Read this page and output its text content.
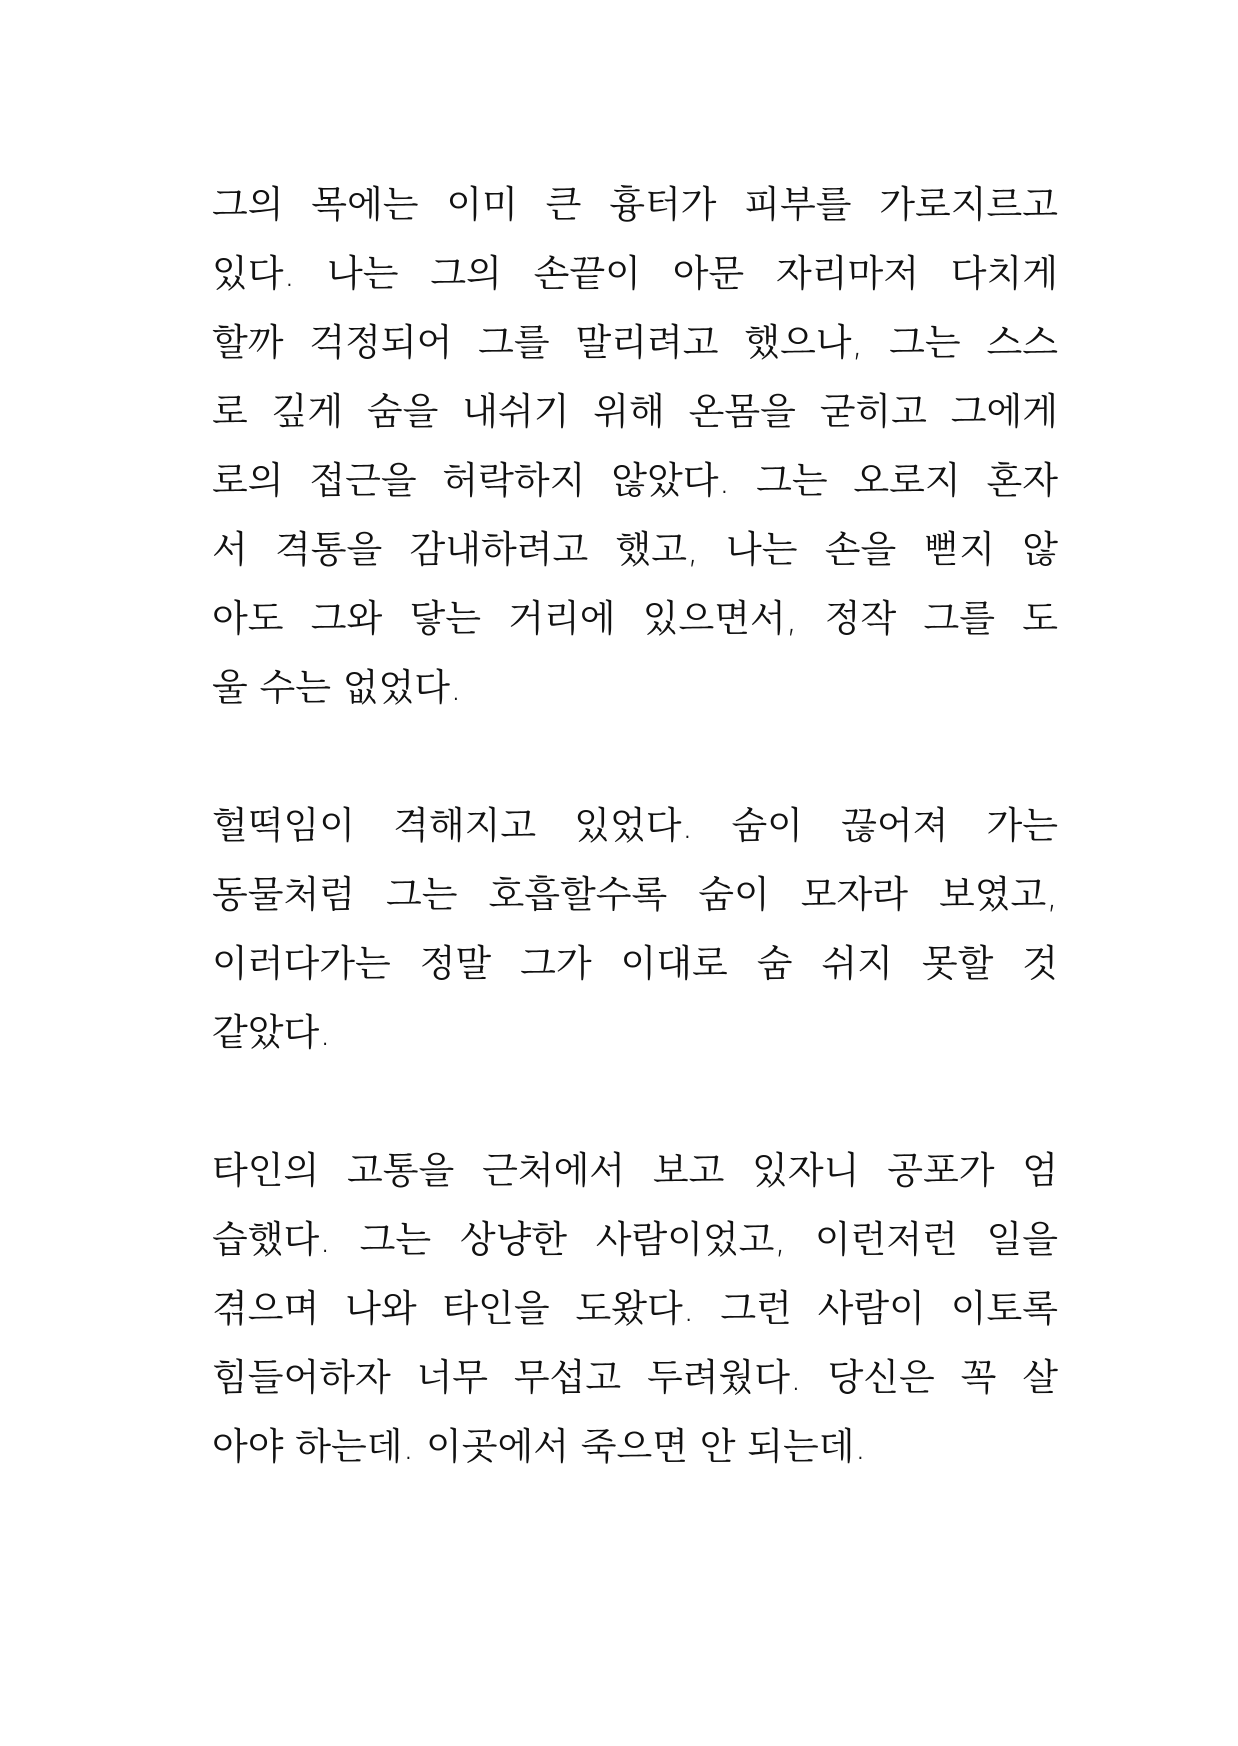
그의 목에는 이미 큰 흉터가 피부를 가로지르고
있다. 나는 그의 손끝이 아문 자리마저 다치게
할까 걱정되어 그를 말리려고 했으나, 그는 스스
로 깊게 숨을 내쉬기 위해 온몸을 굳히고 그에게
로의 접근을 허락하지 않았다. 그는 오로지 혼자
서 격통을 감내하려고 했고, 나는 손을 뻗지 않
아도 그와 닿는 거리에 있으면서, 정작 그를 도
울 수는 없었다.
헐떡임이 격해지고 있었다. 숨이 끊어져 가는
동물처럼 그는 호흡할수록 숨이 모자라 보였고,
이러다가는 정말 그가 이대로 숨 쉬지 못할 것
같았다.
타인의 고통을 근처에서 보고 있자니 공포가 엄
습했다. 그는 상냥한 사람이었고, 이런저런 일을
겪으며 나와 타인을 도왔다. 그런 사람이 이토록
힘들어하자 너무 무섭고 두려웠다. 당신은 꼭 살
아야 하는데. 이곳에서 죽으면 안 되는데.
